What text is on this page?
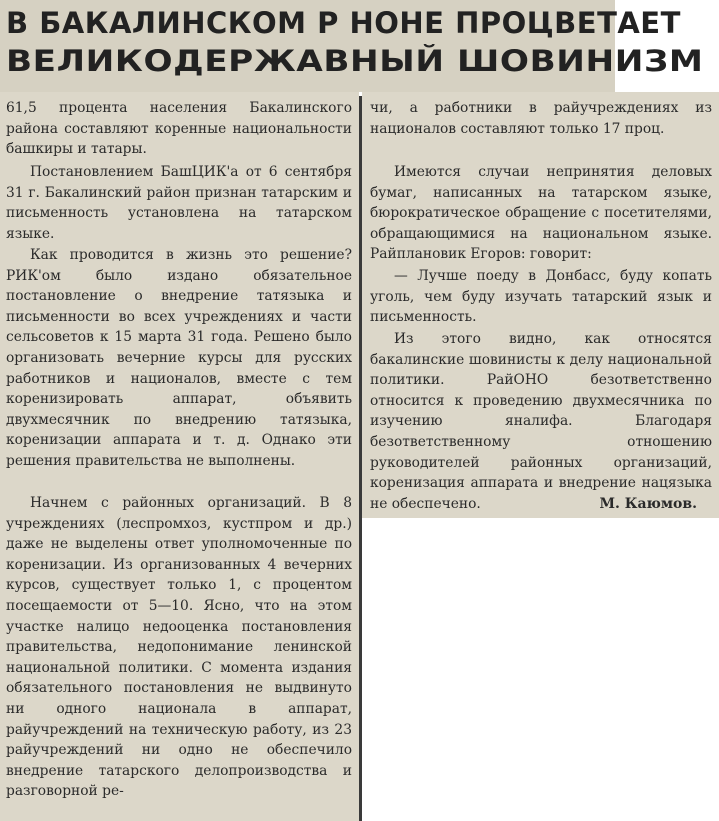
В БАКАЛИНСКОМ Р НОНЕ ПРОЦВЕТАЕТ
ВЕЛИКОДЕРЖАВНЫЙ ШОВИНИЗМ

61,5 процента населения Бакалинского района составляют коренные национальности башкиры и татары.

Постановлением БашЦИК'а от 6 сентября 31 г. Бакалинский район признан татарским и письменность установлена на татарском языке.

Как проводится в жизнь это решение? РИК'ом было издано обязательное постановление о внедрение татязыка и письменности во всех учреждениях и части сельсоветов к 15 марта 31 года. Решено было организовать вечерние курсы для русских работников и националов, вместе с тем коренизировать аппарат, объявить двухмесячник по внедрению татязыка, коренизации аппарата и т. д. Однако эти решения правительства не выполнены.

Начнем с районных организаций. В 8 учреждениях (леспромхоз, кустпром и др.) даже не выделены ответ уполномоченные по коренизации. Из организованных 4 вечерних курсов, существует только 1, с процентом посещаемости от 5—10. Ясно, что на этом участке налицо недооценка постановления правительства, недопонимание ленинской национальной политики. С момента издания обязательного постановления не выдвинуто ни одного национала в аппарат, райучреждений на техническую работу, из 23 райучреждений ни одно не обеспечило внедрение татарского делопроизводства и разговорной ре-

чи, а работники в райучреждениях из националов составляют только 17 проц.

Имеются случаи непринятия деловых бумаг, написанных на татарском языке, бюрократическое обращение с посетителями, обращающимися на национальном языке. Райплановик Егоров: говорит:

— Лучше поеду в Донбасс, буду копать уголь, чем буду изучать татарский язык и письменность.

Из этого видно, как относятся бакалинские шовинисты к делу национальной политики. РайОНО безответственно относится к проведению двухмесячника по изучению яналифа. Благодаря безответственному отношению руководителей районных организаций, коренизация аппарата и внедрение нацязыка не обеспечено.	М. Каюмов.
